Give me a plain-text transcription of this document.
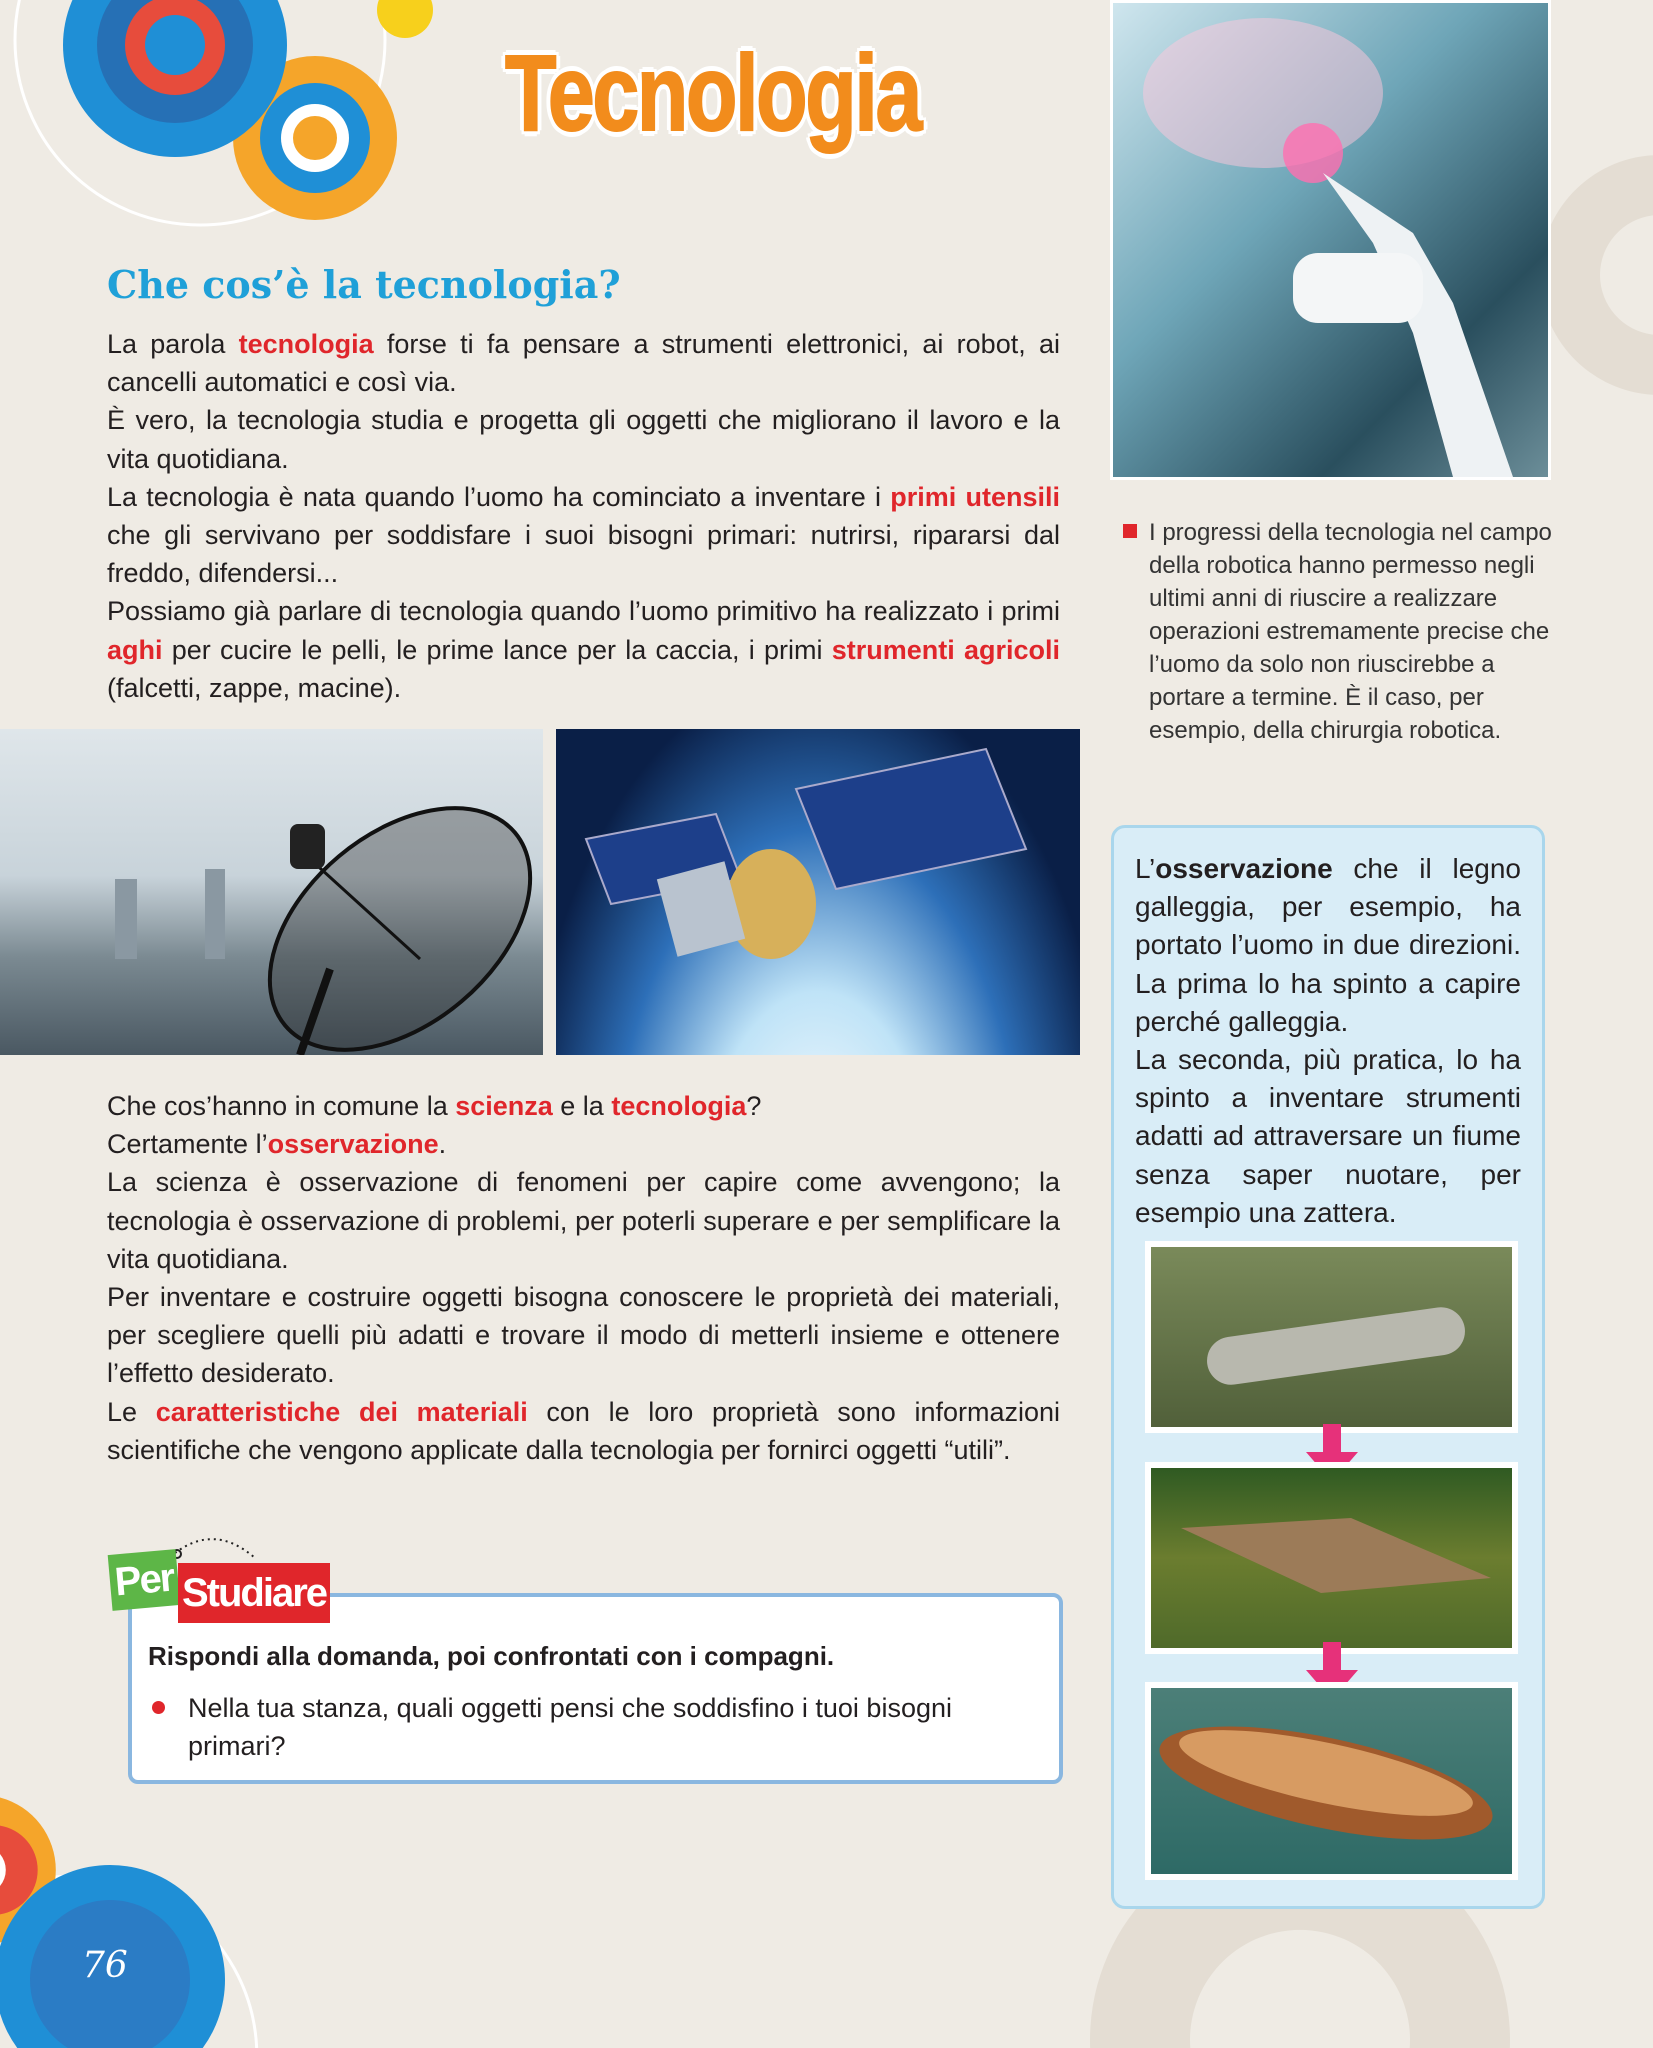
Tecnologia
Che cos’è la tecnologia?

La parola tecnologia forse ti fa pensare a strumenti elettronici, ai robot, ai cancelli automatici e così via.

È vero, la tecnologia studia e progetta gli oggetti che migliorano il lavoro e la vita quotidiana.

La tecnologia è nata quando l’uomo ha cominciato a inventare i primi utensili che gli servivano per soddisfare i suoi bisogni primari: nutrirsi, ripararsi dal freddo, difendersi...

Possiamo già parlare di tecnologia quando l’uomo primitivo ha realizzato i primi aghi per cucire le pelli, le prime lance per la caccia, i primi strumenti agricoli (falcetti, zappe, macine).

Che cos’hanno in comune la scienza e la tecnologia?

Certamente l’osservazione.

La scienza è osservazione di fenomeni per capire come avvengono; la tecnologia è osservazione di problemi, per poterli superare e per semplificare la vita quotidiana.

Per inventare e costruire oggetti bisogna conoscere le proprietà dei materiali, per scegliere quelli più adatti e trovare il modo di metterli insieme e ottenere l’effetto desiderato.

Le caratteristiche dei materiali con le loro proprietà sono informazioni scientifiche che vengono applicate dalla tecnologia per fornirci oggetti “utili”.

I progressi della tecnologia nel campo della robotica hanno permesso negli ultimi anni di riuscire a realizzare operazioni estremamente precise che l’uomo da solo non riuscirebbe a portare a termine. È il caso, per esempio, della chirurgia robotica.

L’osservazione che il legno galleggia, per esempio, ha portato l’uomo in due direzioni. La prima lo ha spinto a capire perché galleggia.

La seconda, più pratica, lo ha spinto a inventare strumenti adatti ad attraversare un fiume senza saper nuotare, per esempio una zattera.

Rispondi alla domanda, poi confrontati con i compagni.
Nella tua stanza, quali oggetti pensi che soddisfino i tuoi bisogni primari?
Per Studiare
76
